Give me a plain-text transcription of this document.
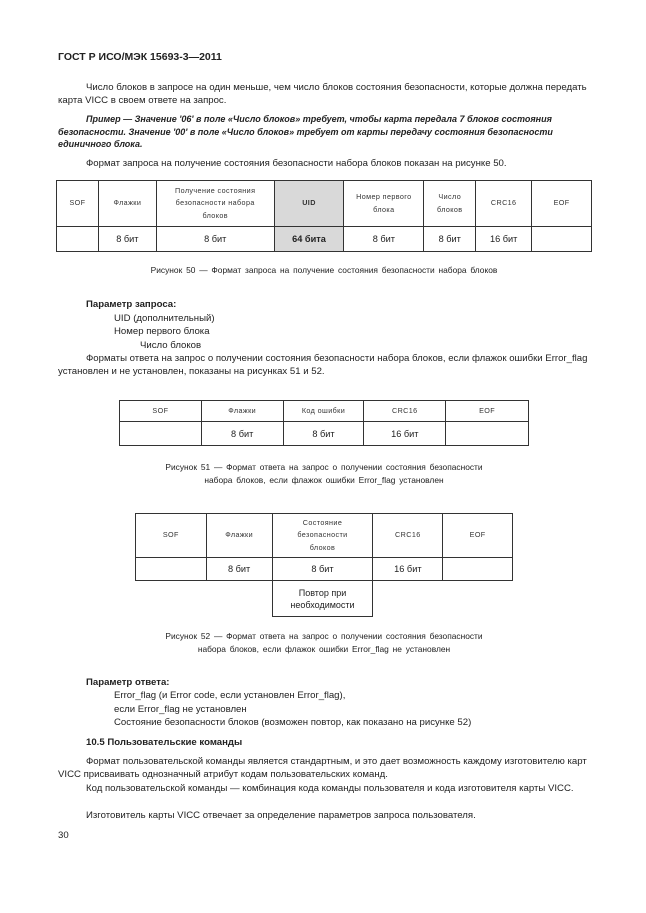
ГОСТ Р ИСО/МЭК 15693-3—2011
Число блоков в запросе на один меньше, чем число блоков состояния безопасности, которые должна передать карта VICC в своем ответе на запрос.
Пример — Значение '06' в поле «Число блоков» требует, чтобы карта передала 7 блоков состояния безопасности. Значение '00' в поле «Число блоков» требует от карты передачу состояния безопасности единичного блока.
Формат запроса на получение состояния безопасности набора блоков показан на рисунке 50.
SOF	Флажки	Получение состояния безопасности набора блоков	UID	Номер первого блока	Число блоков	CRC16	EOF
	8 бит	8 бит	64 бита	8 бит	8 бит	16 бит	
Рисунок 50 — Формат запроса на получение состояния безопасности набора блоков
Параметр запроса:
UID (дополнительный)
Номер первого блока
Число блоков
Форматы ответа на запрос о получении состояния безопасности набора блоков, если флажок ошибки Error_flag установлен и не установлен, показаны на рисунках 51 и 52.
SOF	Флажки	Код ошибки	CRC16	EOF
	8 бит	8 бит	16 бит	
Рисунок 51 — Формат ответа на запрос о получении состояния безопасности
набора блоков, если флажок ошибки Error_flag установлен
SOF	Флажки	Состояние безопасности блоков	CRC16	EOF
	8 бит	8 бит	16 бит	
		Повтор при необходимости		
Рисунок 52 — Формат ответа на запрос о получении состояния безопасности
набора блоков, если флажок ошибки Error_flag не установлен
Параметр ответа:
Error_flag (и Error code, если установлен Error_flag),
если Error_flag не установлен
Состояние безопасности блоков (возможен повтор, как показано на рисунке 52)
10.5 Пользовательские команды
Формат пользовательской команды является стандартным, и это дает возможность каждому изготовителю карт VICC присваивать однозначный атрибут кодам пользовательских команд.
Код пользовательской команды — комбинация кода команды пользователя и кода изготовителя карты VICC.
Изготовитель карты VICC отвечает за определение параметров запроса пользователя.
30
